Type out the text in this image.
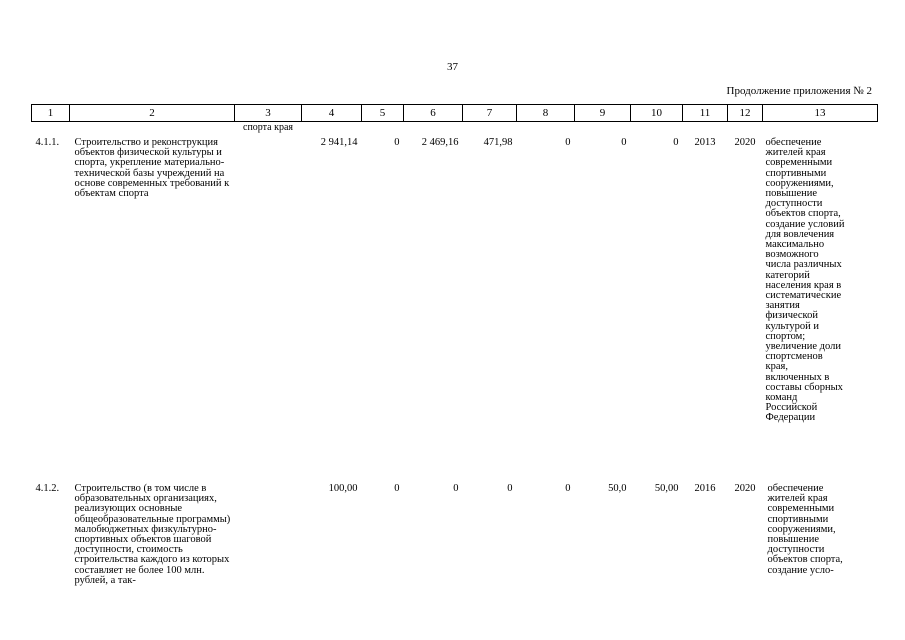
37
Продолжение приложения № 2
1	2	3	4	5	6	7	8	9	10	11	12	13
		спорта края										
4.1.1.	Строительство и реконструкция объектов физической культуры и спорта, укрепление материально-технической базы учреждений на основе современных требований к объектам спорта		2 941,14	0	2 469,16	471,98	0	0	0	2013	2020	обеспечение жителей края современными спортивными сооружениями, повышение доступности объектов спорта, создание условий для вовлечения максимально возможного числа различных категорий населения края в систематические занятия физической культурой и спортом; увеличение доли спортсменов края, включенных в составы сборных команд Российской Федерации

4.1.2.	Строительство (в том числе в образовательных организациях, реализующих основные общеобразовательные программы) малобюджетных физкультурно-спортивных объектов шаговой доступности, стоимость строительства каждого из которых составляет не более 100 млн. рублей, а так-		100,00	0	0	0	0	50,0	50,00	2016	2020	обеспечение жителей края современными спортивными сооружениями, повышение доступности объектов спорта, создание усло-
